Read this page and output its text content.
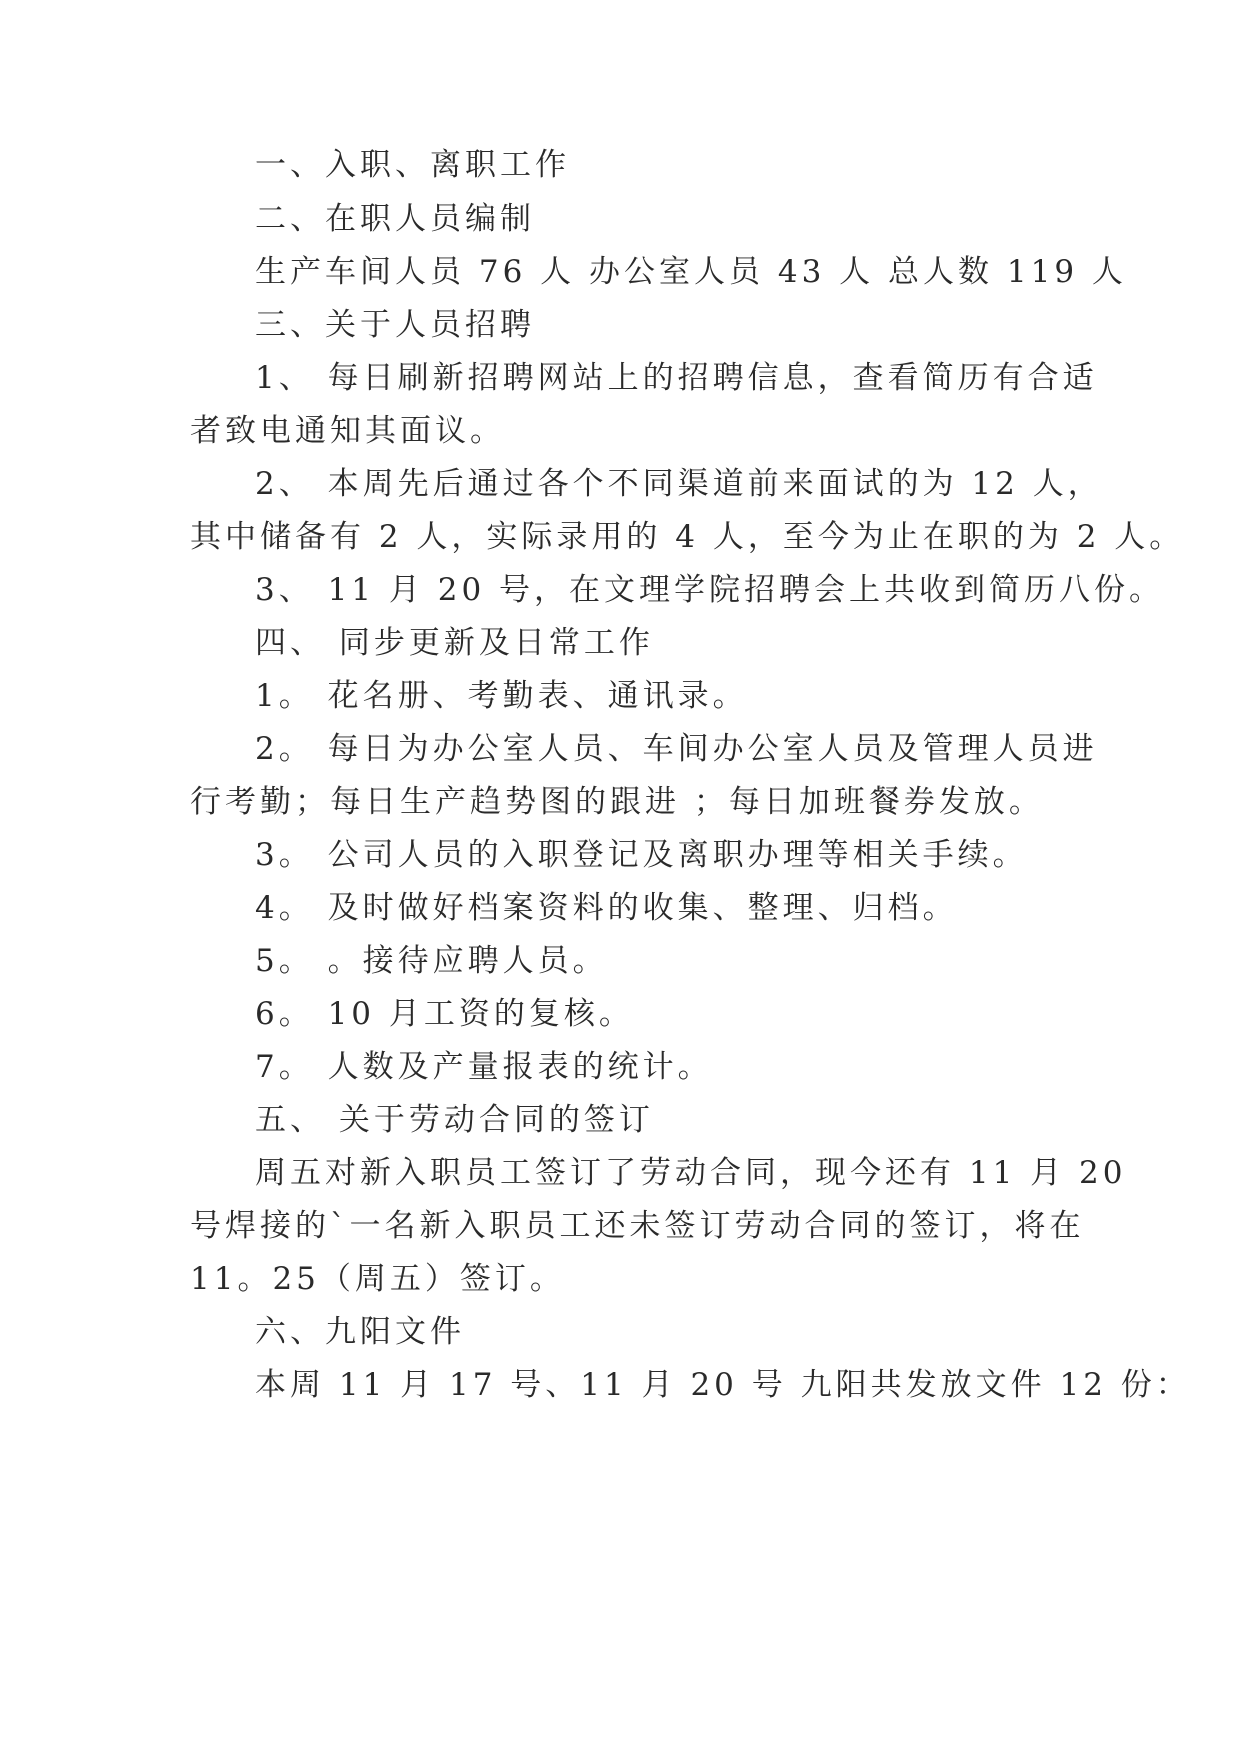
一、入职、离职工作
二、在职人员编制
生产车间人员 76 人 办公室人员 43 人 总人数 119 人
三、关于人员招聘
1、 每日刷新招聘网站上的招聘信息，查看简历有合适
者致电通知其面议。
2、 本周先后通过各个不同渠道前来面试的为 12 人，
其中储备有 2 人，实际录用的 4 人，至今为止在职的为 2 人。
3、 11 月 20 号，在文理学院招聘会上共收到简历八份。
四、 同步更新及日常工作
1。 花名册、考勤表、通讯录。
2。 每日为办公室人员、车间办公室人员及管理人员进
行考勤；每日生产趋势图的跟进 ；每日加班餐券发放。
3。 公司人员的入职登记及离职办理等相关手续。
4。 及时做好档案资料的收集、整理、归档。
5。 。接待应聘人员。
6。 10 月工资的复核。
7。 人数及产量报表的统计。
五、 关于劳动合同的签订
周五对新入职员工签订了劳动合同，现今还有 11 月 20
号焊接的`一名新入职员工还未签订劳动合同的签订，将在
11。25（周五）签订。
六、九阳文件
本周 11 月 17 号、11 月 20 号 九阳共发放文件 12 份：
